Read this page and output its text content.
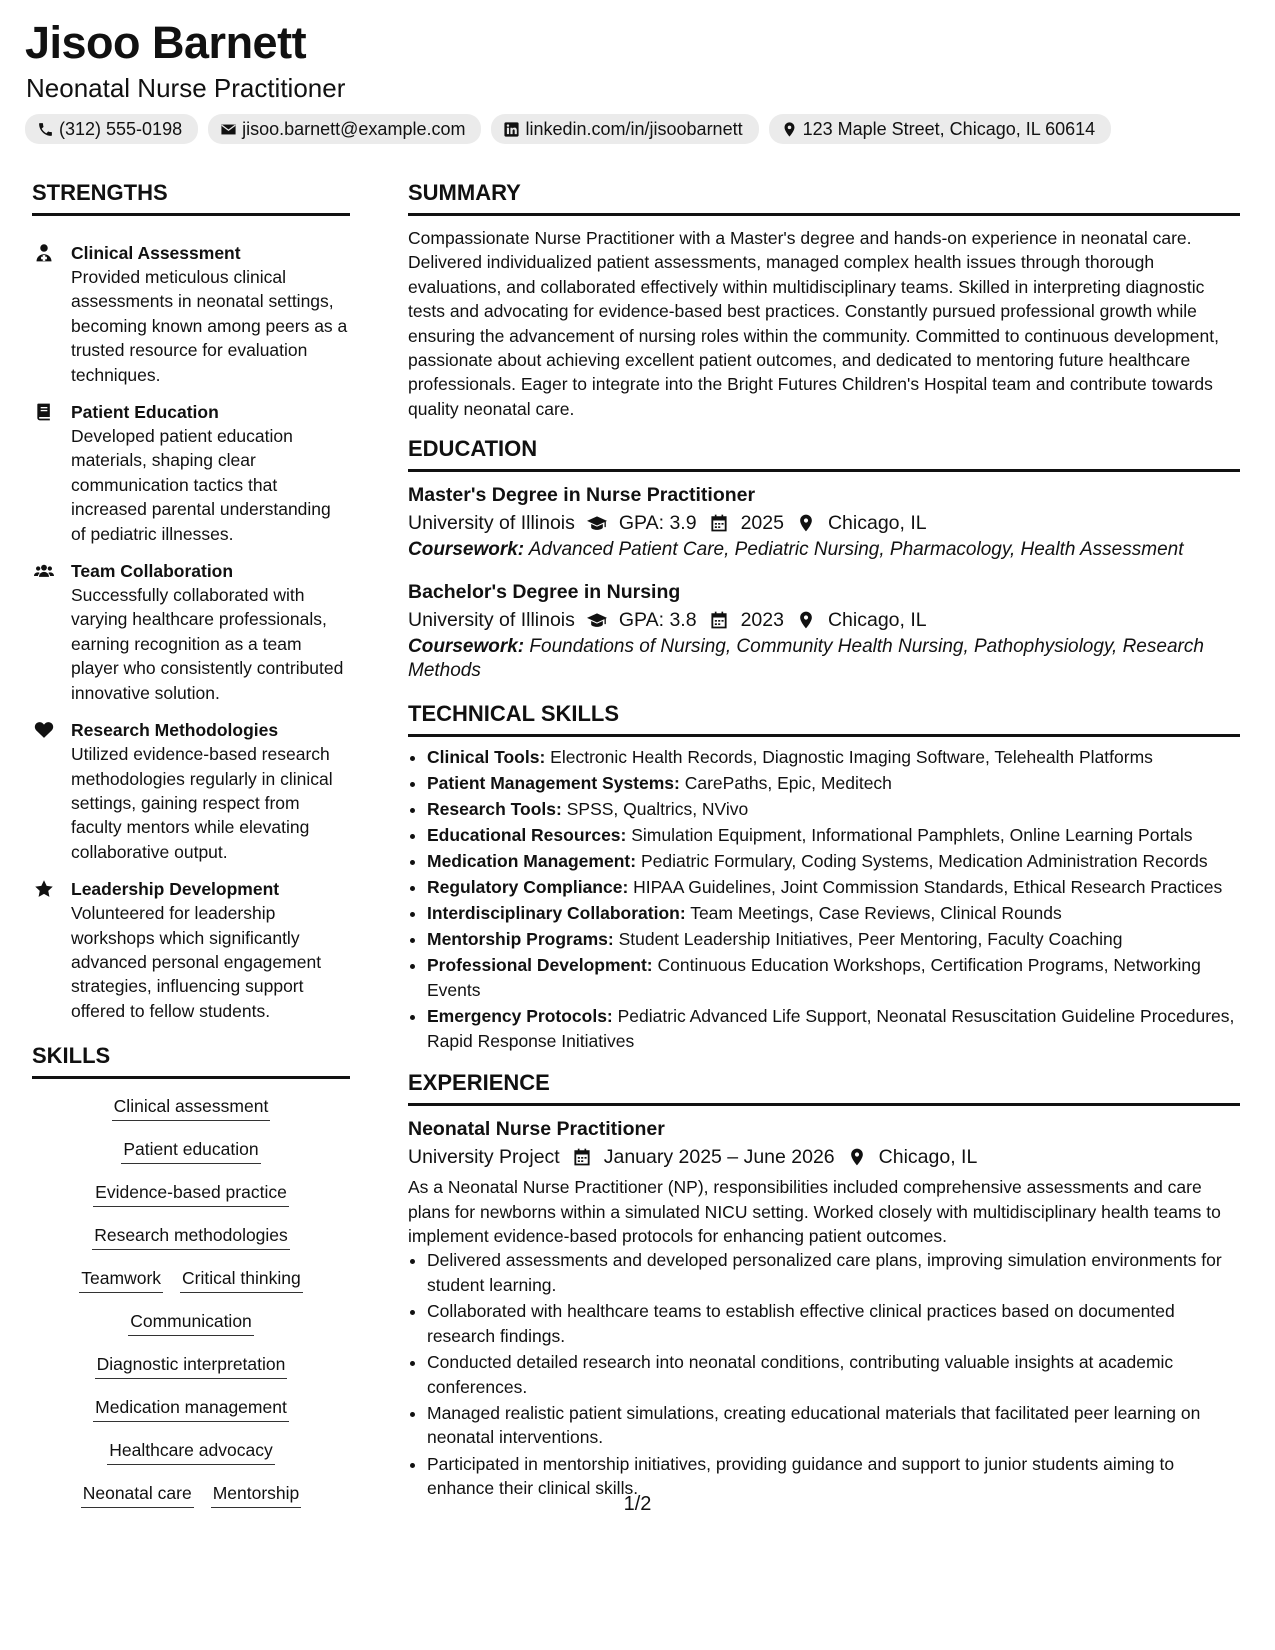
Jisoo Barnett
Neonatal Nurse Practitioner
(312) 555-0198	jisoo.barnett@example.com	linkedin.com/in/jisoobarnett	123 Maple Street, Chicago, IL 60614
STRENGTHS
Clinical Assessment
Provided meticulous clinical assessments in neonatal settings, becoming known among peers as a trusted resource for evaluation techniques.
Patient Education
Developed patient education materials, shaping clear communication tactics that increased parental understanding of pediatric illnesses.
Team Collaboration
Successfully collaborated with varying healthcare professionals, earning recognition as a team player who consistently contributed innovative solution.
Research Methodologies
Utilized evidence-based research methodologies regularly in clinical settings, gaining respect from faculty mentors while elevating collaborative output.
Leadership Development
Volunteered for leadership workshops which significantly advanced personal engagement strategies, influencing support offered to fellow students.
SKILLS
Clinical assessment
Patient education
Evidence-based practice
Research methodologies
Teamwork Critical thinking
Communication
Diagnostic interpretation
Medication management
Healthcare advocacy
Neonatal care Mentorship
SUMMARY

Compassionate Nurse Practitioner with a Master's degree and hands-on experience in neonatal care. Delivered individualized patient assessments, managed complex health issues through thorough evaluations, and collaborated effectively within multidisciplinary teams. Skilled in interpreting diagnostic tests and advocating for evidence-based best practices. Constantly pursued professional growth while ensuring the advancement of nursing roles within the community. Committed to continuous development, passionate about achieving excellent patient outcomes, and dedicated to mentoring future healthcare professionals. Eager to integrate into the Bright Futures Children's Hospital team and contribute towards quality neonatal care.

EDUCATION
Master's Degree in Nurse Practitioner
University of Illinois GPA: 3.9 2025 Chicago, IL
Coursework: Advanced Patient Care, Pediatric Nursing, Pharmacology, Health Assessment
Bachelor's Degree in Nursing
University of Illinois GPA: 3.8 2023 Chicago, IL
Coursework: Foundations of Nursing, Community Health Nursing, Pathophysiology, Research Methods
TECHNICAL SKILLS
• Clinical Tools: Electronic Health Records, Diagnostic Imaging Software, Telehealth Platforms
• Patient Management Systems: CarePaths, Epic, Meditech
• Research Tools: SPSS, Qualtrics, NVivo
• Educational Resources: Simulation Equipment, Informational Pamphlets, Online Learning Portals
• Medication Management: Pediatric Formulary, Coding Systems, Medication Administration Records
• Regulatory Compliance: HIPAA Guidelines, Joint Commission Standards, Ethical Research Practices
• Interdisciplinary Collaboration: Team Meetings, Case Reviews, Clinical Rounds
• Mentorship Programs: Student Leadership Initiatives, Peer Mentoring, Faculty Coaching
• Professional Development: Continuous Education Workshops, Certification Programs, Networking Events
• Emergency Protocols: Pediatric Advanced Life Support, Neonatal Resuscitation Guideline Procedures, Rapid Response Initiatives
EXPERIENCE
Neonatal Nurse Practitioner
University Project January 2025 – June 2026 Chicago, IL

As a Neonatal Nurse Practitioner (NP), responsibilities included comprehensive assessments and care plans for newborns within a simulated NICU setting. Worked closely with multidisciplinary health teams to implement evidence-based protocols for enhancing patient outcomes.

• Delivered assessments and developed personalized care plans, improving simulation environments for student learning.
• Collaborated with healthcare teams to establish effective clinical practices based on documented research findings.
• Conducted detailed research into neonatal conditions, contributing valuable insights at academic conferences.
• Managed realistic patient simulations, creating educational materials that facilitated peer learning on neonatal interventions.
• Participated in mentorship initiatives, providing guidance and support to junior students aiming to enhance their clinical skills.
1/2
